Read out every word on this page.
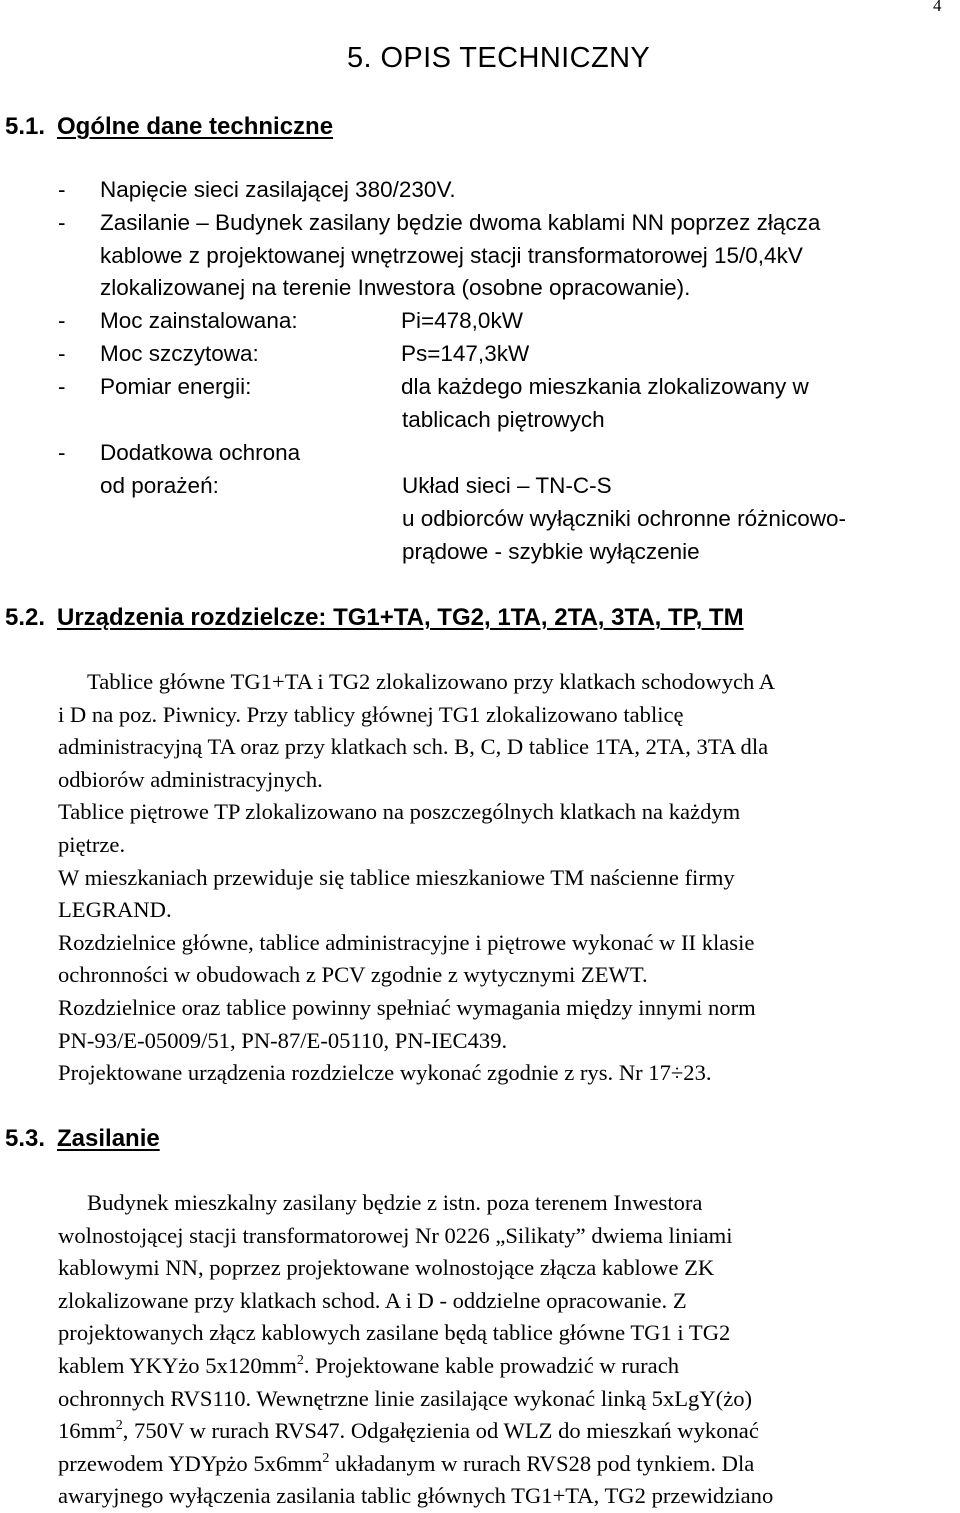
4
5. OPIS TECHNICZNY
5.1. Ogólne dane techniczne
- Napięcie sieci zasilającej 380/230V.
- Zasilanie – Budynek zasilany będzie dwoma kablami NN poprzez złącza
kablowe z projektowanej wnętrzowej stacji transformatorowej 15/0,4kV
zlokalizowanej na terenie Inwestora (osobne opracowanie).
- Moc zainstalowana:	Pi=478,0kW
- Moc szczytowa:	Ps=147,3kW
- Pomiar energii:	dla każdego mieszkania zlokalizowany w
tablicach piętrowych
- Dodatkowa ochrona
od porażeń:	Układ sieci – TN-C-S
u odbiorców wyłączniki ochronne różnicowo-
prądowe - szybkie wyłączenie
5.2. Urządzenia rozdzielcze: TG1+TA, TG2, 1TA, 2TA, 3TA, TP, TM
Tablice główne TG1+TA i TG2 zlokalizowano przy klatkach schodowych A
i D na poz. Piwnicy. Przy tablicy głównej TG1 zlokalizowano tablicę
administracyjną TA oraz przy klatkach sch. B, C, D tablice 1TA, 2TA, 3TA dla
odbiorów administracyjnych.
Tablice piętrowe TP zlokalizowano na poszczególnych klatkach na każdym
piętrze.
W mieszkaniach przewiduje się tablice mieszkaniowe TM naścienne firmy
LEGRAND.
Rozdzielnice główne, tablice administracyjne i piętrowe wykonać w II klasie
ochronności w obudowach z PCV zgodnie z wytycznymi ZEWT.
Rozdzielnice oraz tablice powinny spełniać wymagania między innymi norm
PN-93/E-05009/51, PN-87/E-05110, PN-IEC439.
Projektowane urządzenia rozdzielcze wykonać zgodnie z rys. Nr 17÷23.
5.3. Zasilanie
Budynek mieszkalny zasilany będzie z istn. poza terenem Inwestora
wolnostojącej stacji transformatorowej Nr 0226 „Silikaty” dwiema liniami
kablowymi NN, poprzez projektowane wolnostojące złącza kablowe ZK
zlokalizowane przy klatkach schod. A i D - oddzielne opracowanie. Z
projektowanych złącz kablowych zasilane będą tablice główne TG1 i TG2
kablem YKYżo $5x120mm^2$. Projektowane kable prowadzić w rurach
ochronnych RVS110. Wewnętrzne linie zasilające wykonać linką 5xLgY(żo)
$16mm^2$, 750V w rurach RVS47. Odgałęzienia od WLZ do mieszkań wykonać
przewodem YDYpżo $5x6mm^2$ układanym w rurach RVS28 pod tynkiem. Dla
awaryjnego wyłączenia zasilania tablic głównych TG1+TA, TG2 przewidziano
